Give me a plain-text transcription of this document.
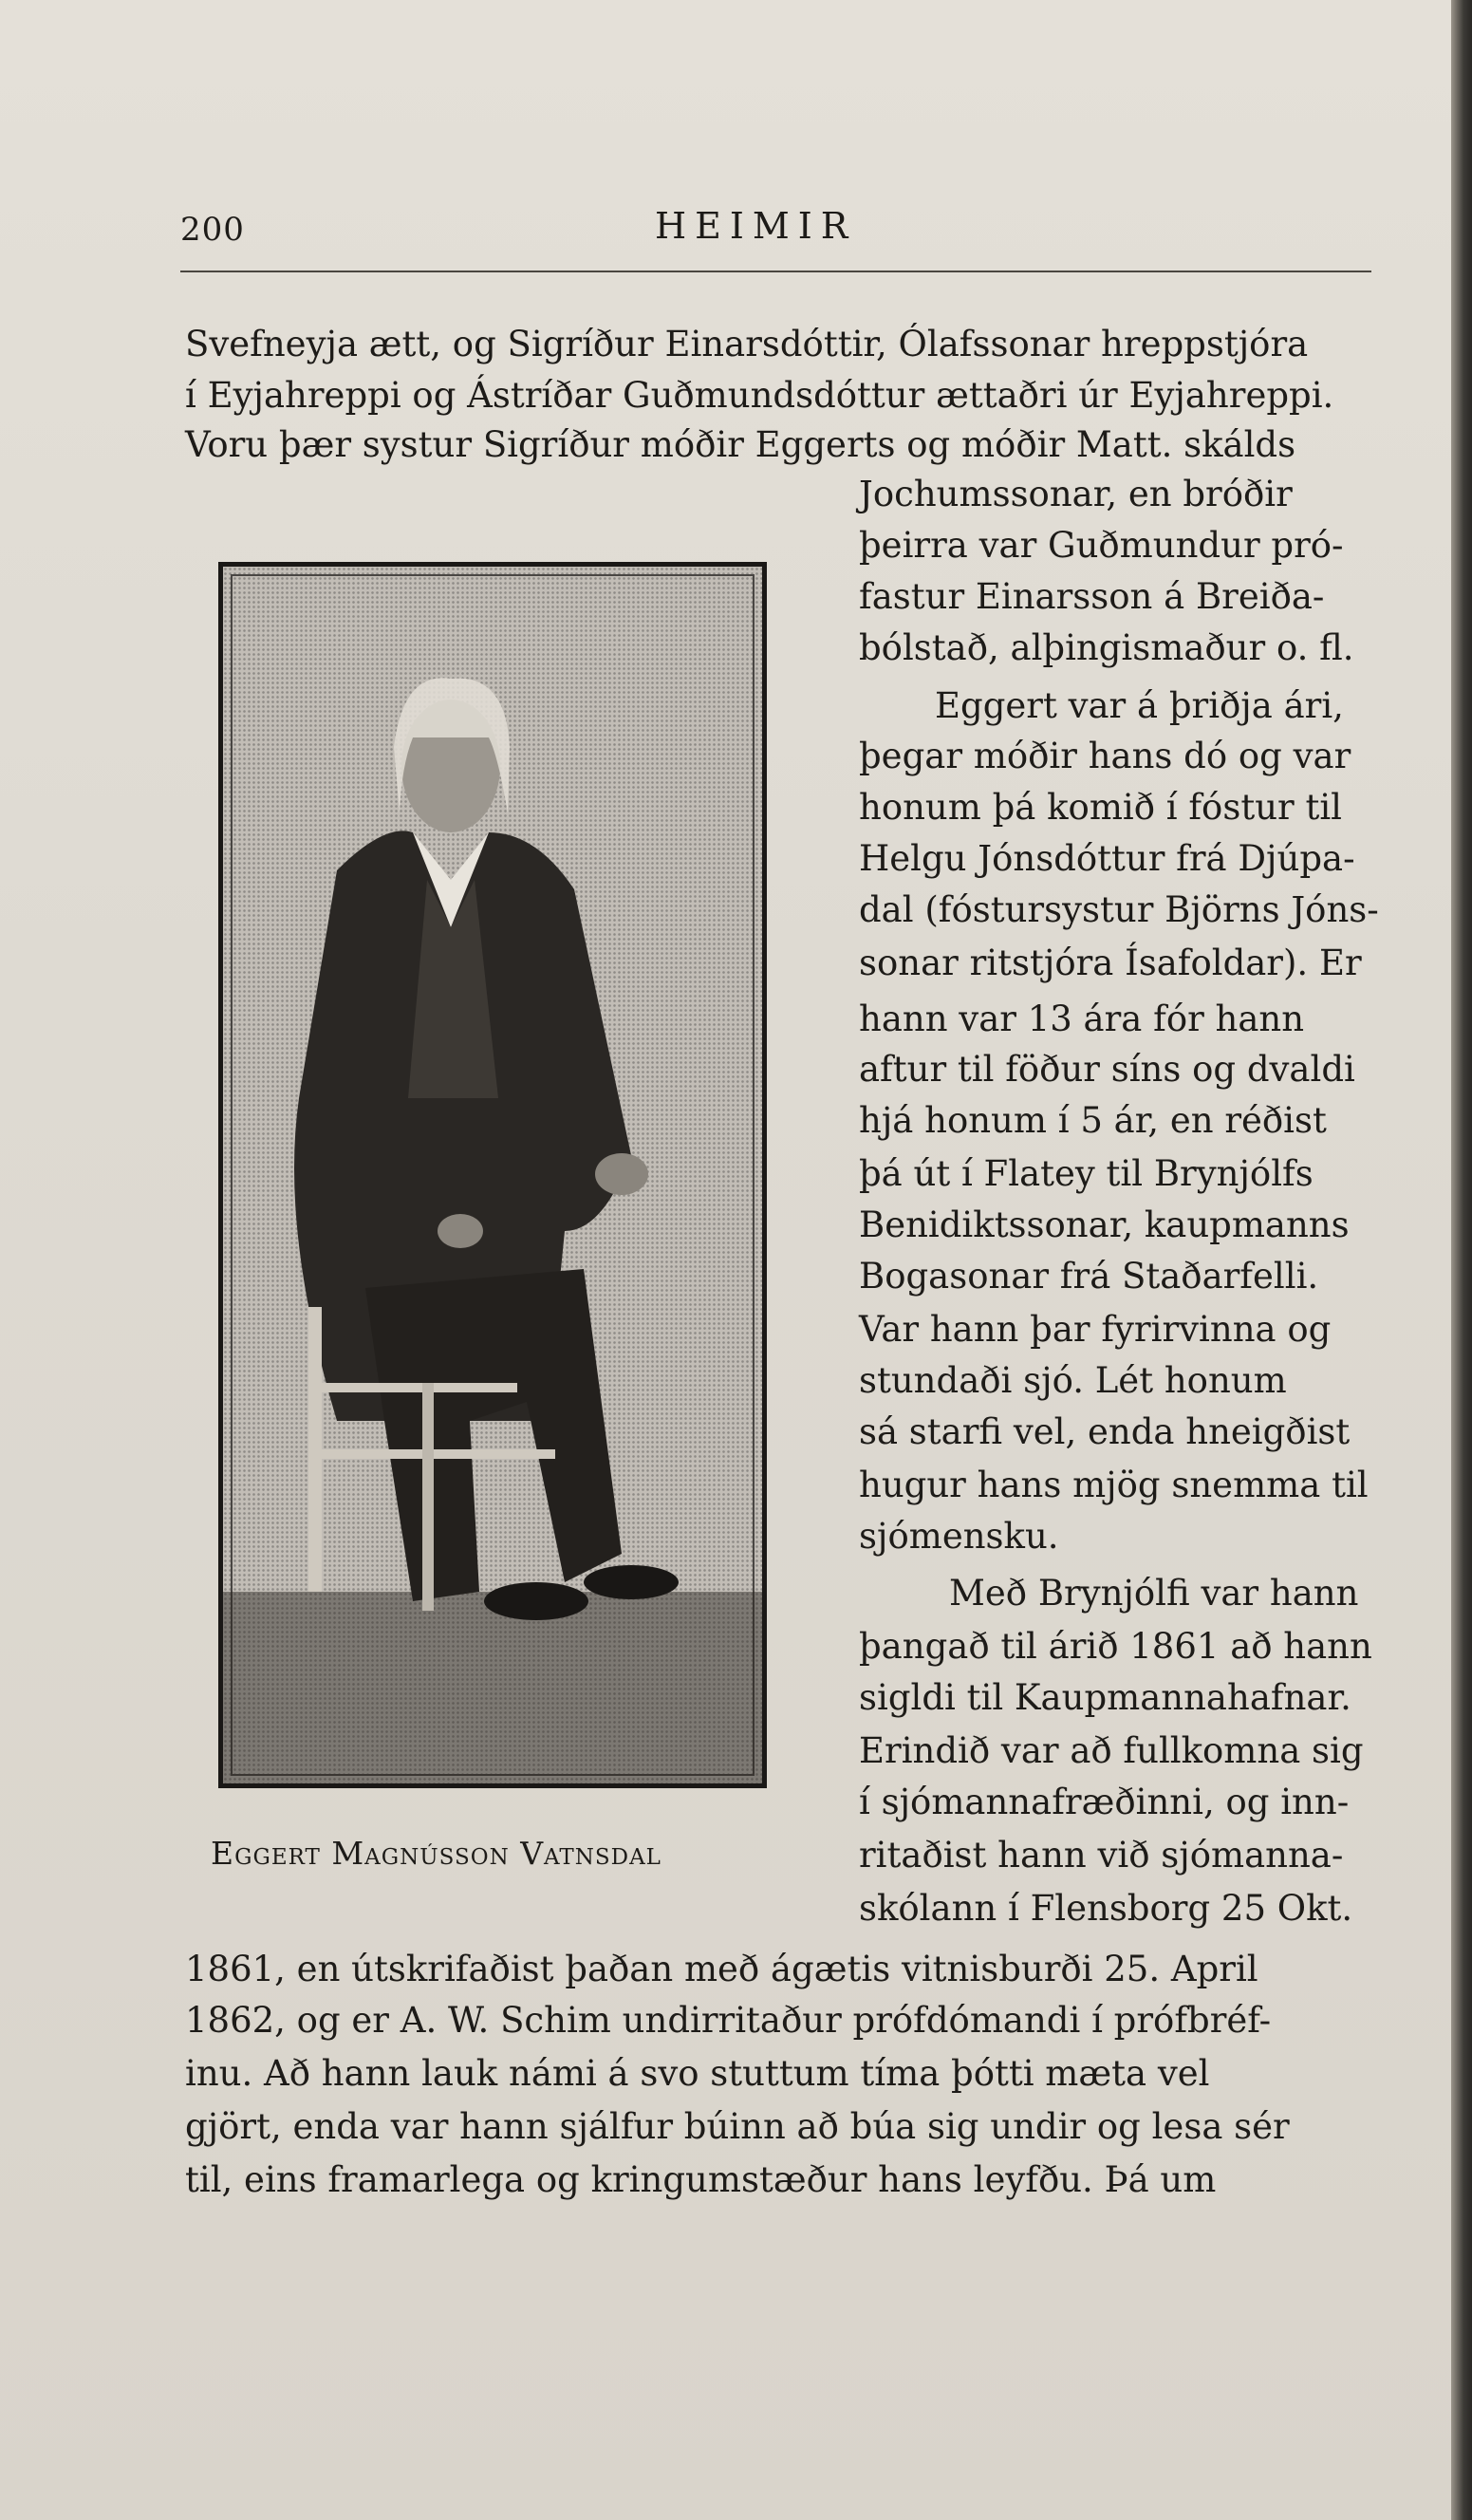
200	HEIMIR
Svefneyja ætt, og Sigríður Einarsdóttir, Ólafssonar hreppstjóra
í Eyjahreppi og Ástríðar Guðmundsdóttur ættaðri úr Eyjahreppi.
Voru þær systur Sigríður móðir Eggerts og móðir Matt. skálds
Eggert Magnússon Vatnsdal
Jochumssonar, en bróðir
þeirra var Guðmundur pró-
fastur Einarsson á Breiða-
bólstað, alþingismaður o. fl.
Eggert var á þriðja ári,
þegar móðir hans dó og var
honum þá komið í fóstur til
Helgu Jónsdóttur frá Djúpa-
dal (fóstursystur Björns Jóns-
sonar ritstjóra Ísafoldar). Er
hann var 13 ára fór hann
aftur til föður síns og dvaldi
hjá honum í 5 ár, en réðist
þá út í Flatey til Brynjólfs
Benidiktssonar, kaupmanns
Bogasonar frá Staðarfelli.
Var hann þar fyrirvinna og
stundaði sjó. Lét honum
sá starfi vel, enda hneigðist
hugur hans mjög snemma til
sjómensku.
Með Brynjólfi var hann
þangað til árið 1861 að hann
sigldi til Kaupmannahafnar.
Erindið var að fullkomna sig
í sjómannafræðinni, og inn-
ritaðist hann við sjómanna-
skólann í Flensborg 25 Okt.
1861, en útskrifaðist þaðan með ágætis vitnisburði 25. April
1862, og er A. W. Schim undirritaður prófdómandi í prófbréf-
inu. Að hann lauk námi á svo stuttum tíma þótti mæta vel
gjört, enda var hann sjálfur búinn að búa sig undir og lesa sér
til, eins framarlega og kringumstæður hans leyfðu. Þá um
